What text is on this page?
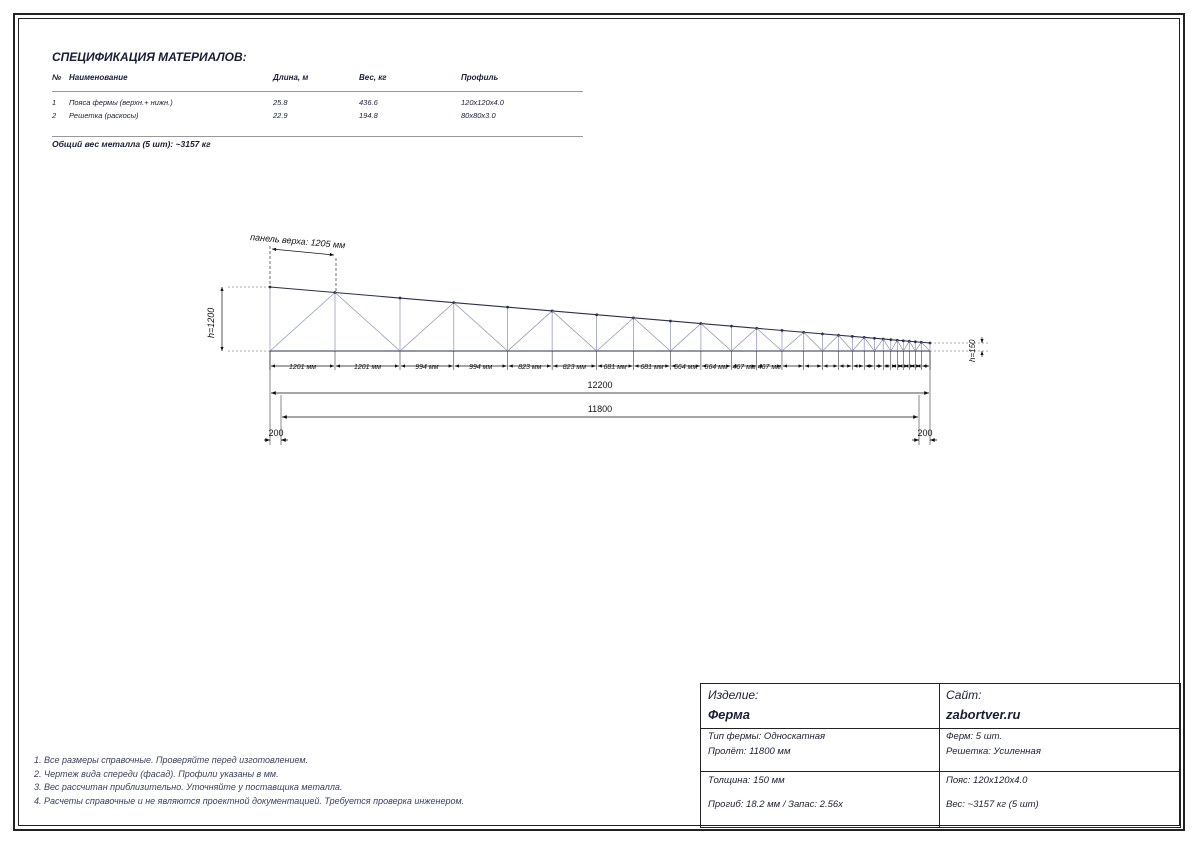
СПЕЦИФИКАЦИЯ МАТЕРИАЛОВ:
№ Наименование	Длина, м	Вес, кг	Профиль
1 Пояса фермы (верхн.+ нижн.)	25.8	436.6	120x120x4.0
2 Решетка (раскосы)	22.9	194.8	80x80x3.0
Общий вес металла (5 шт): ~3157 кг
1201 мм	1201 мм	994 мм	994 мм	823 мм	823 мм 681 мм 681 мм 564 мм 564 мм 467 мм 467 мм
панель верха: 1205 мм
h=1200
h=150
12200
11800
200	200
1. Все размеры справочные. Проверяйте перед изготовлением.
2. Чертеж вида спереди (фасад). Профили указаны в мм.
3. Вес рассчитан приблизительно. Уточняйте у поставщика металла.
4. Расчеты справочные и не являются проектной документацией. Требуется проверка инженером.
Изделие:
Ферма
Сайт:
zabortver.ru
Тип фермы: Односкатная
Пролёт: 11800 мм
Ферм: 5 шт.
Решетка: Усиленная
Толщина: 150 мм	Пояс: 120x120x4.0
Прогиб: 18.2 мм / Запас: 2.56x	Вес: ~3157 кг (5 шт)
